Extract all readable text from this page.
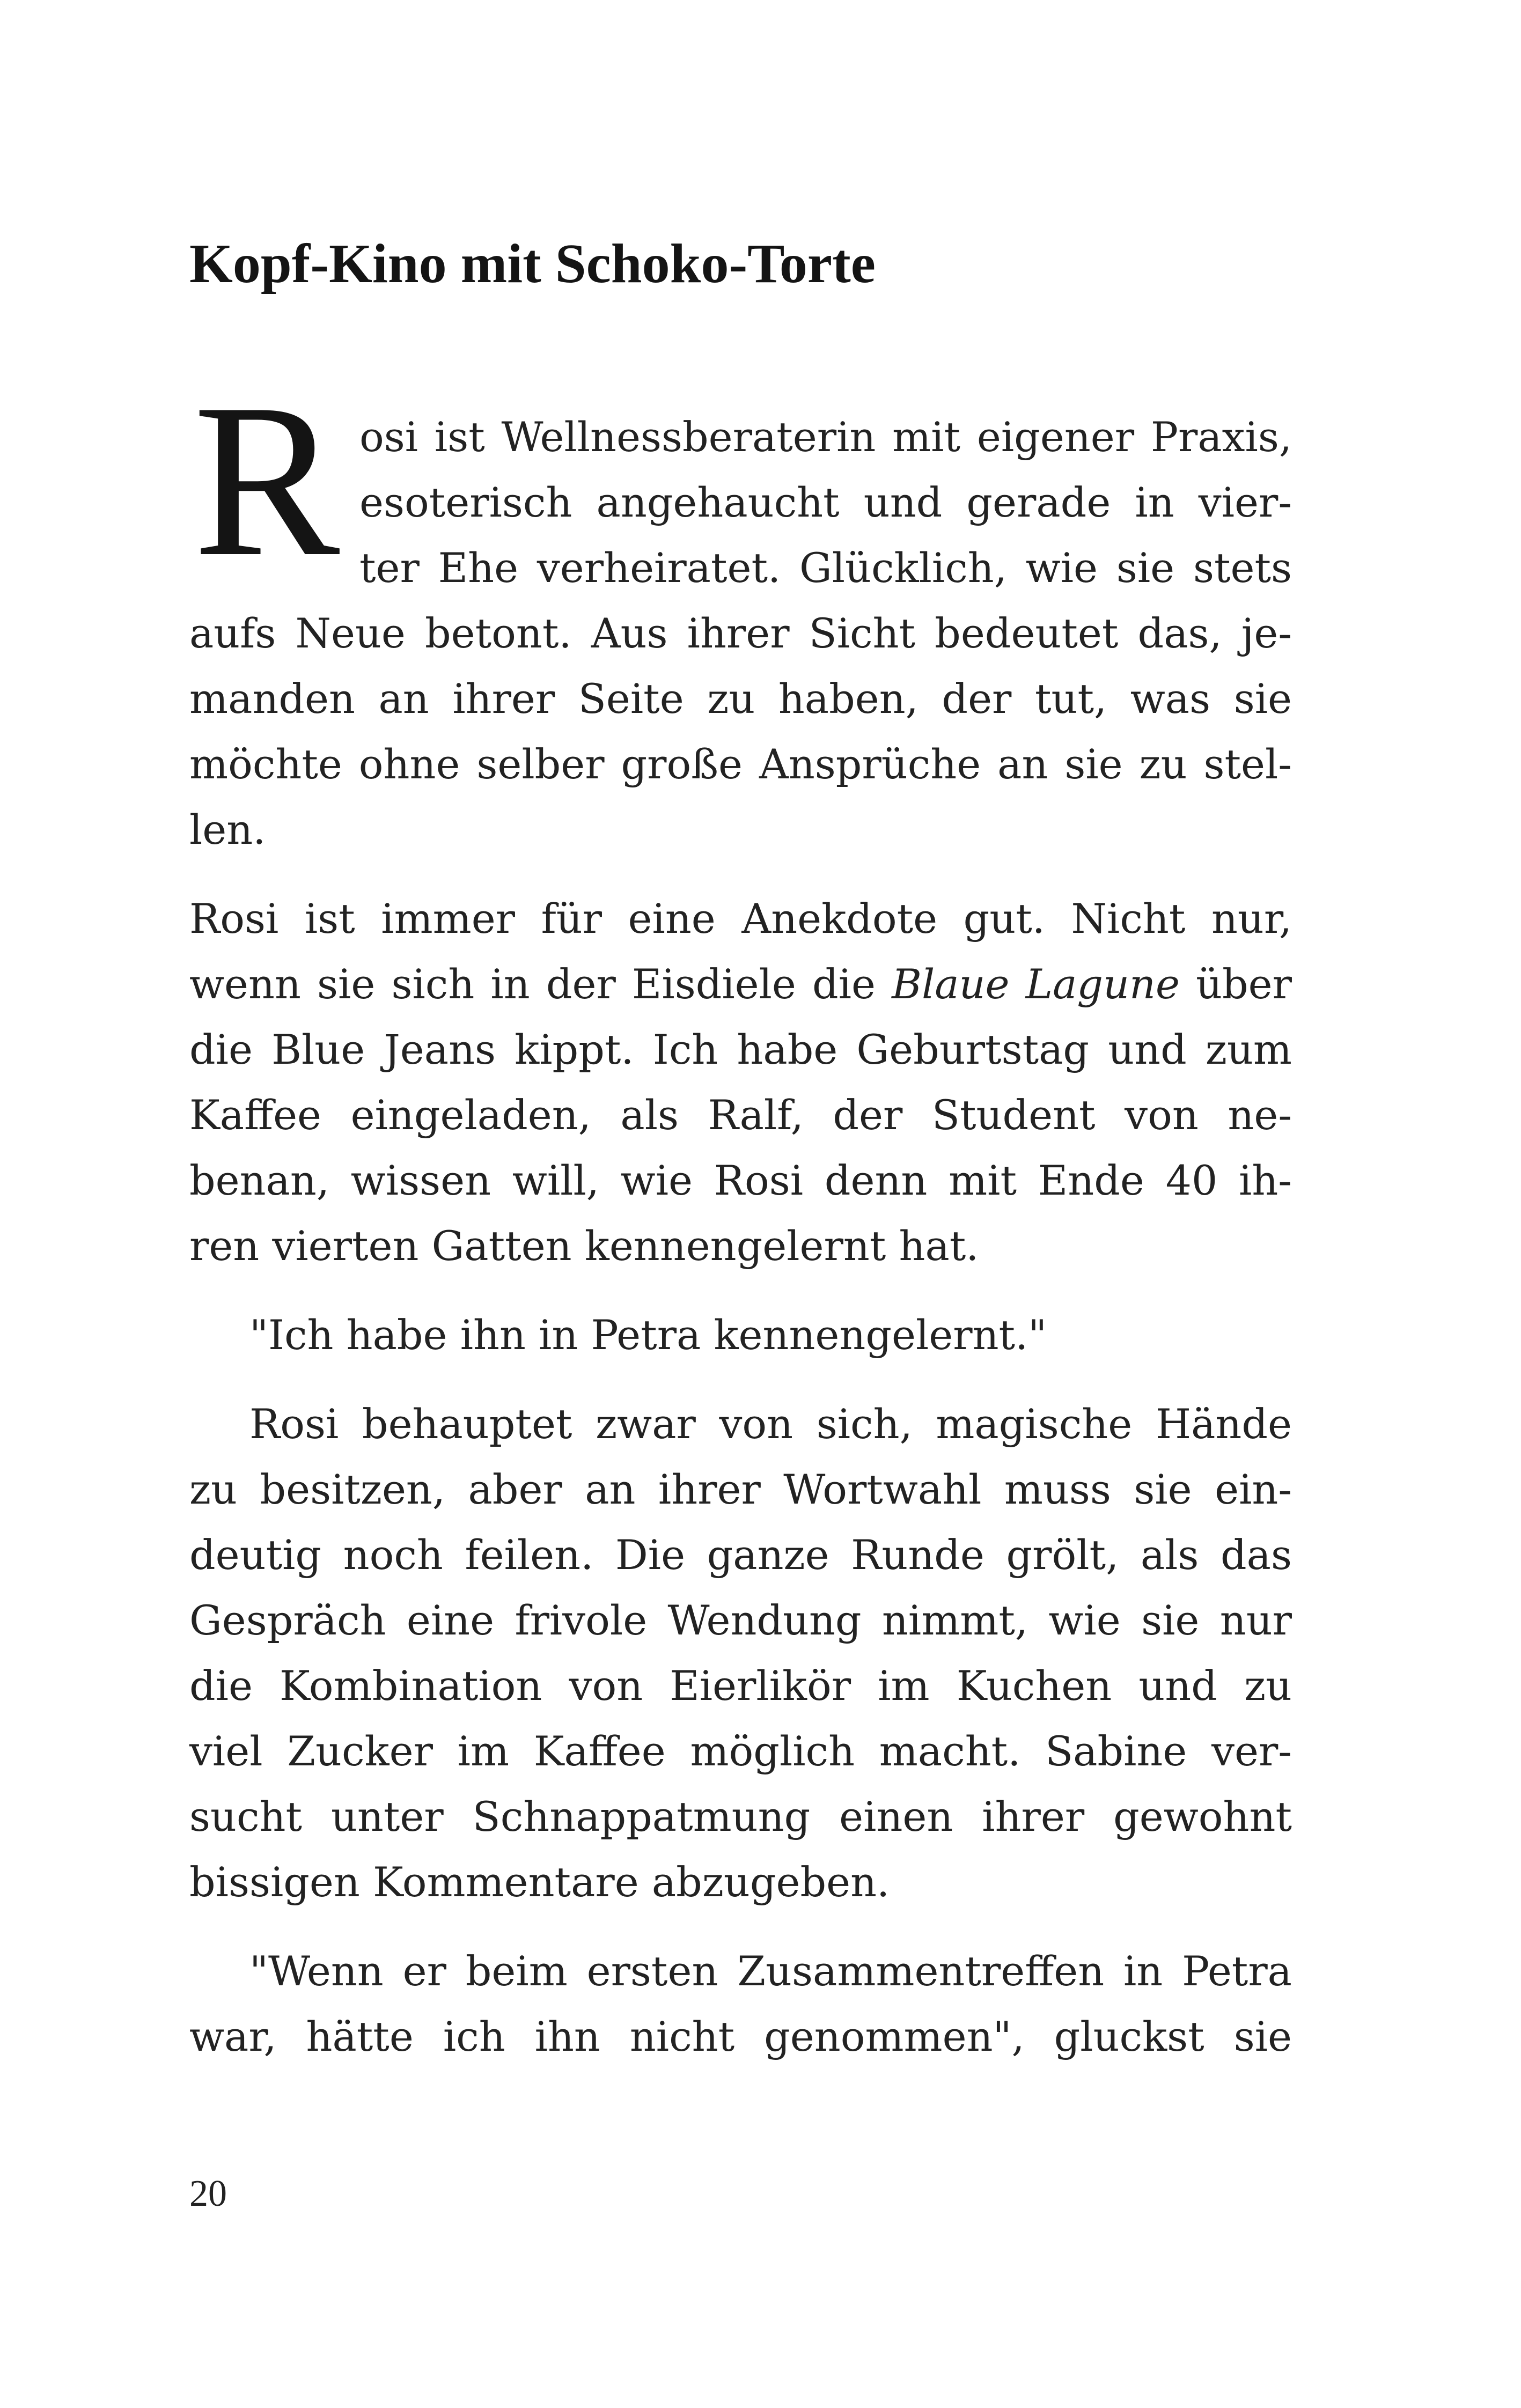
Kopf-Kino mit Schoko-Torte
R osi ist Wellnessberaterin mit eigener Praxis,
esoterisch angehaucht und gerade in vier-
ter Ehe verheiratet. Glücklich, wie sie stets
aufs Neue betont. Aus ihrer Sicht bedeutet das, je-
manden an ihrer Seite zu haben, der tut, was sie
möchte ohne selber große Ansprüche an sie zu stel-
len.
Rosi ist immer für eine Anekdote gut. Nicht nur,
wenn sie sich in der Eisdiele die Blaue Lagune über
die Blue Jeans kippt. Ich habe Geburtstag und zum
Kaffee eingeladen, als Ralf, der Student von ne-
benan, wissen will, wie Rosi denn mit Ende 40 ih-
ren vierten Gatten kennengelernt hat.
"Ich habe ihn in Petra kennengelernt."
Rosi behauptet zwar von sich, magische Hände
zu besitzen, aber an ihrer Wortwahl muss sie ein-
deutig noch feilen. Die ganze Runde grölt, als das
Gespräch eine frivole Wendung nimmt, wie sie nur
die Kombination von Eierlikör im Kuchen und zu
viel Zucker im Kaffee möglich macht. Sabine ver-
sucht unter Schnappatmung einen ihrer gewohnt
bissigen Kommentare abzugeben.
"Wenn er beim ersten Zusammentreffen in Petra
war, hätte ich ihn nicht genommen", gluckst sie
20
